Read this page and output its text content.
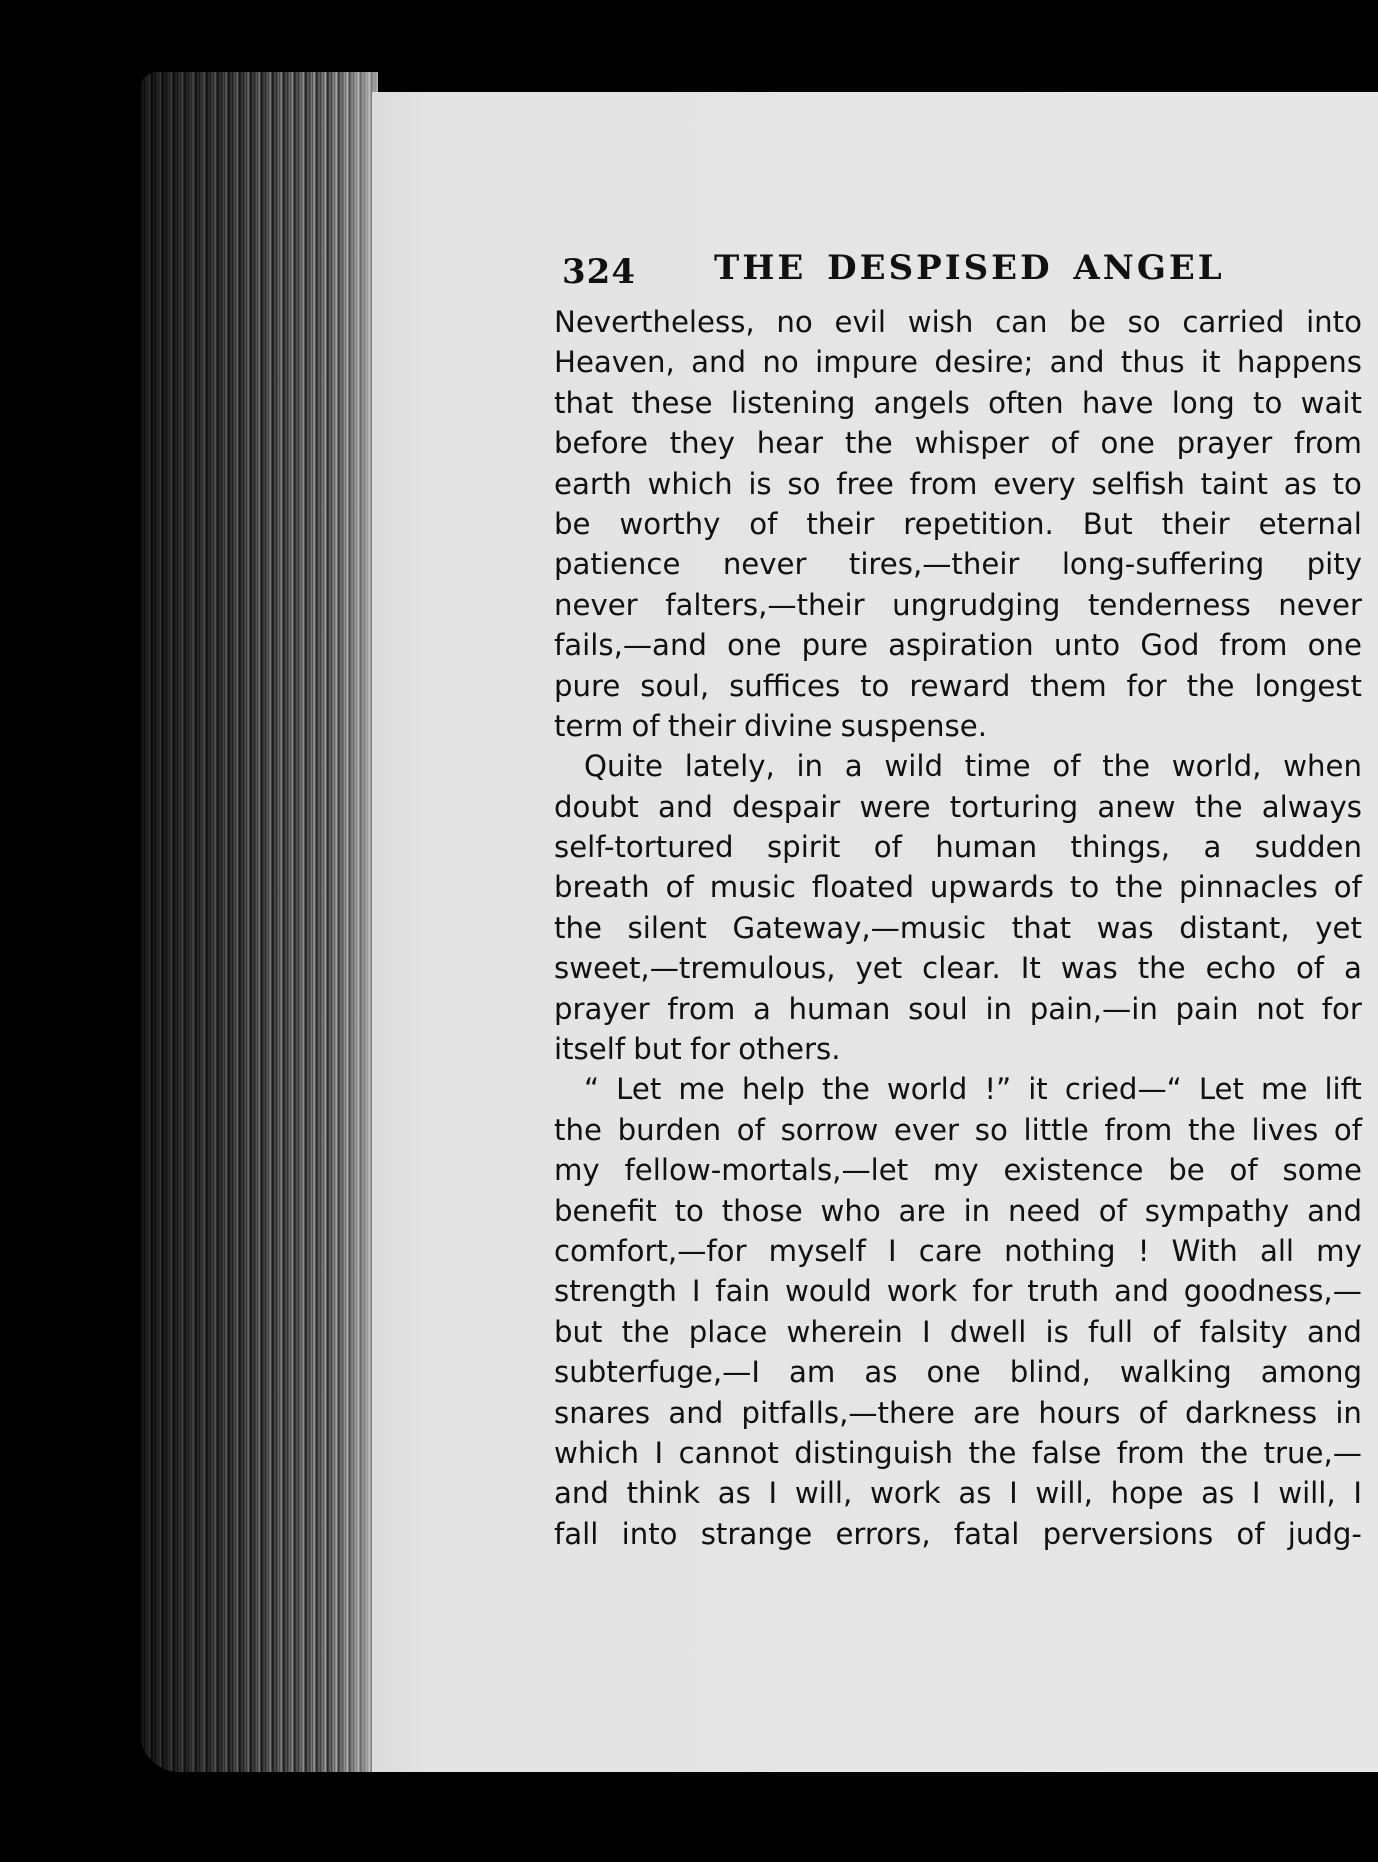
324 THE DESPISED ANGEL
Nevertheless, no evil wish can be so carried into
Heaven, and no impure desire; and thus it happens
that these listening angels often have long to wait
before they hear the whisper of one prayer from
earth which is so free from every selfish taint as to
be worthy of their repetition. But their eternal
patience never tires,—their long-suffering pity
never falters,—their ungrudging tenderness never
fails,—and one pure aspiration unto God from one
pure soul, suffices to reward them for the longest
term of their divine suspense.
Quite lately, in a wild time of the world, when
doubt and despair were torturing anew the always
self-tortured spirit of human things, a sudden
breath of music floated upwards to the pinnacles of
the silent Gateway,—music that was distant, yet
sweet,—tremulous, yet clear. It was the echo of a
prayer from a human soul in pain,—in pain not for
itself but for others.
“ Let me help the world !” it cried—“ Let me lift
the burden of sorrow ever so little from the lives of
my fellow-mortals,—let my existence be of some
benefit to those who are in need of sympathy and
comfort,—for myself I care nothing ! With all my
strength I fain would work for truth and goodness,—
but the place wherein I dwell is full of falsity and
subterfuge,—I am as one blind, walking among
snares and pitfalls,—there are hours of darkness in
which I cannot distinguish the false from the true,—
and think as I will, work as I will, hope as I will, I
fall into strange errors, fatal perversions of judg-
